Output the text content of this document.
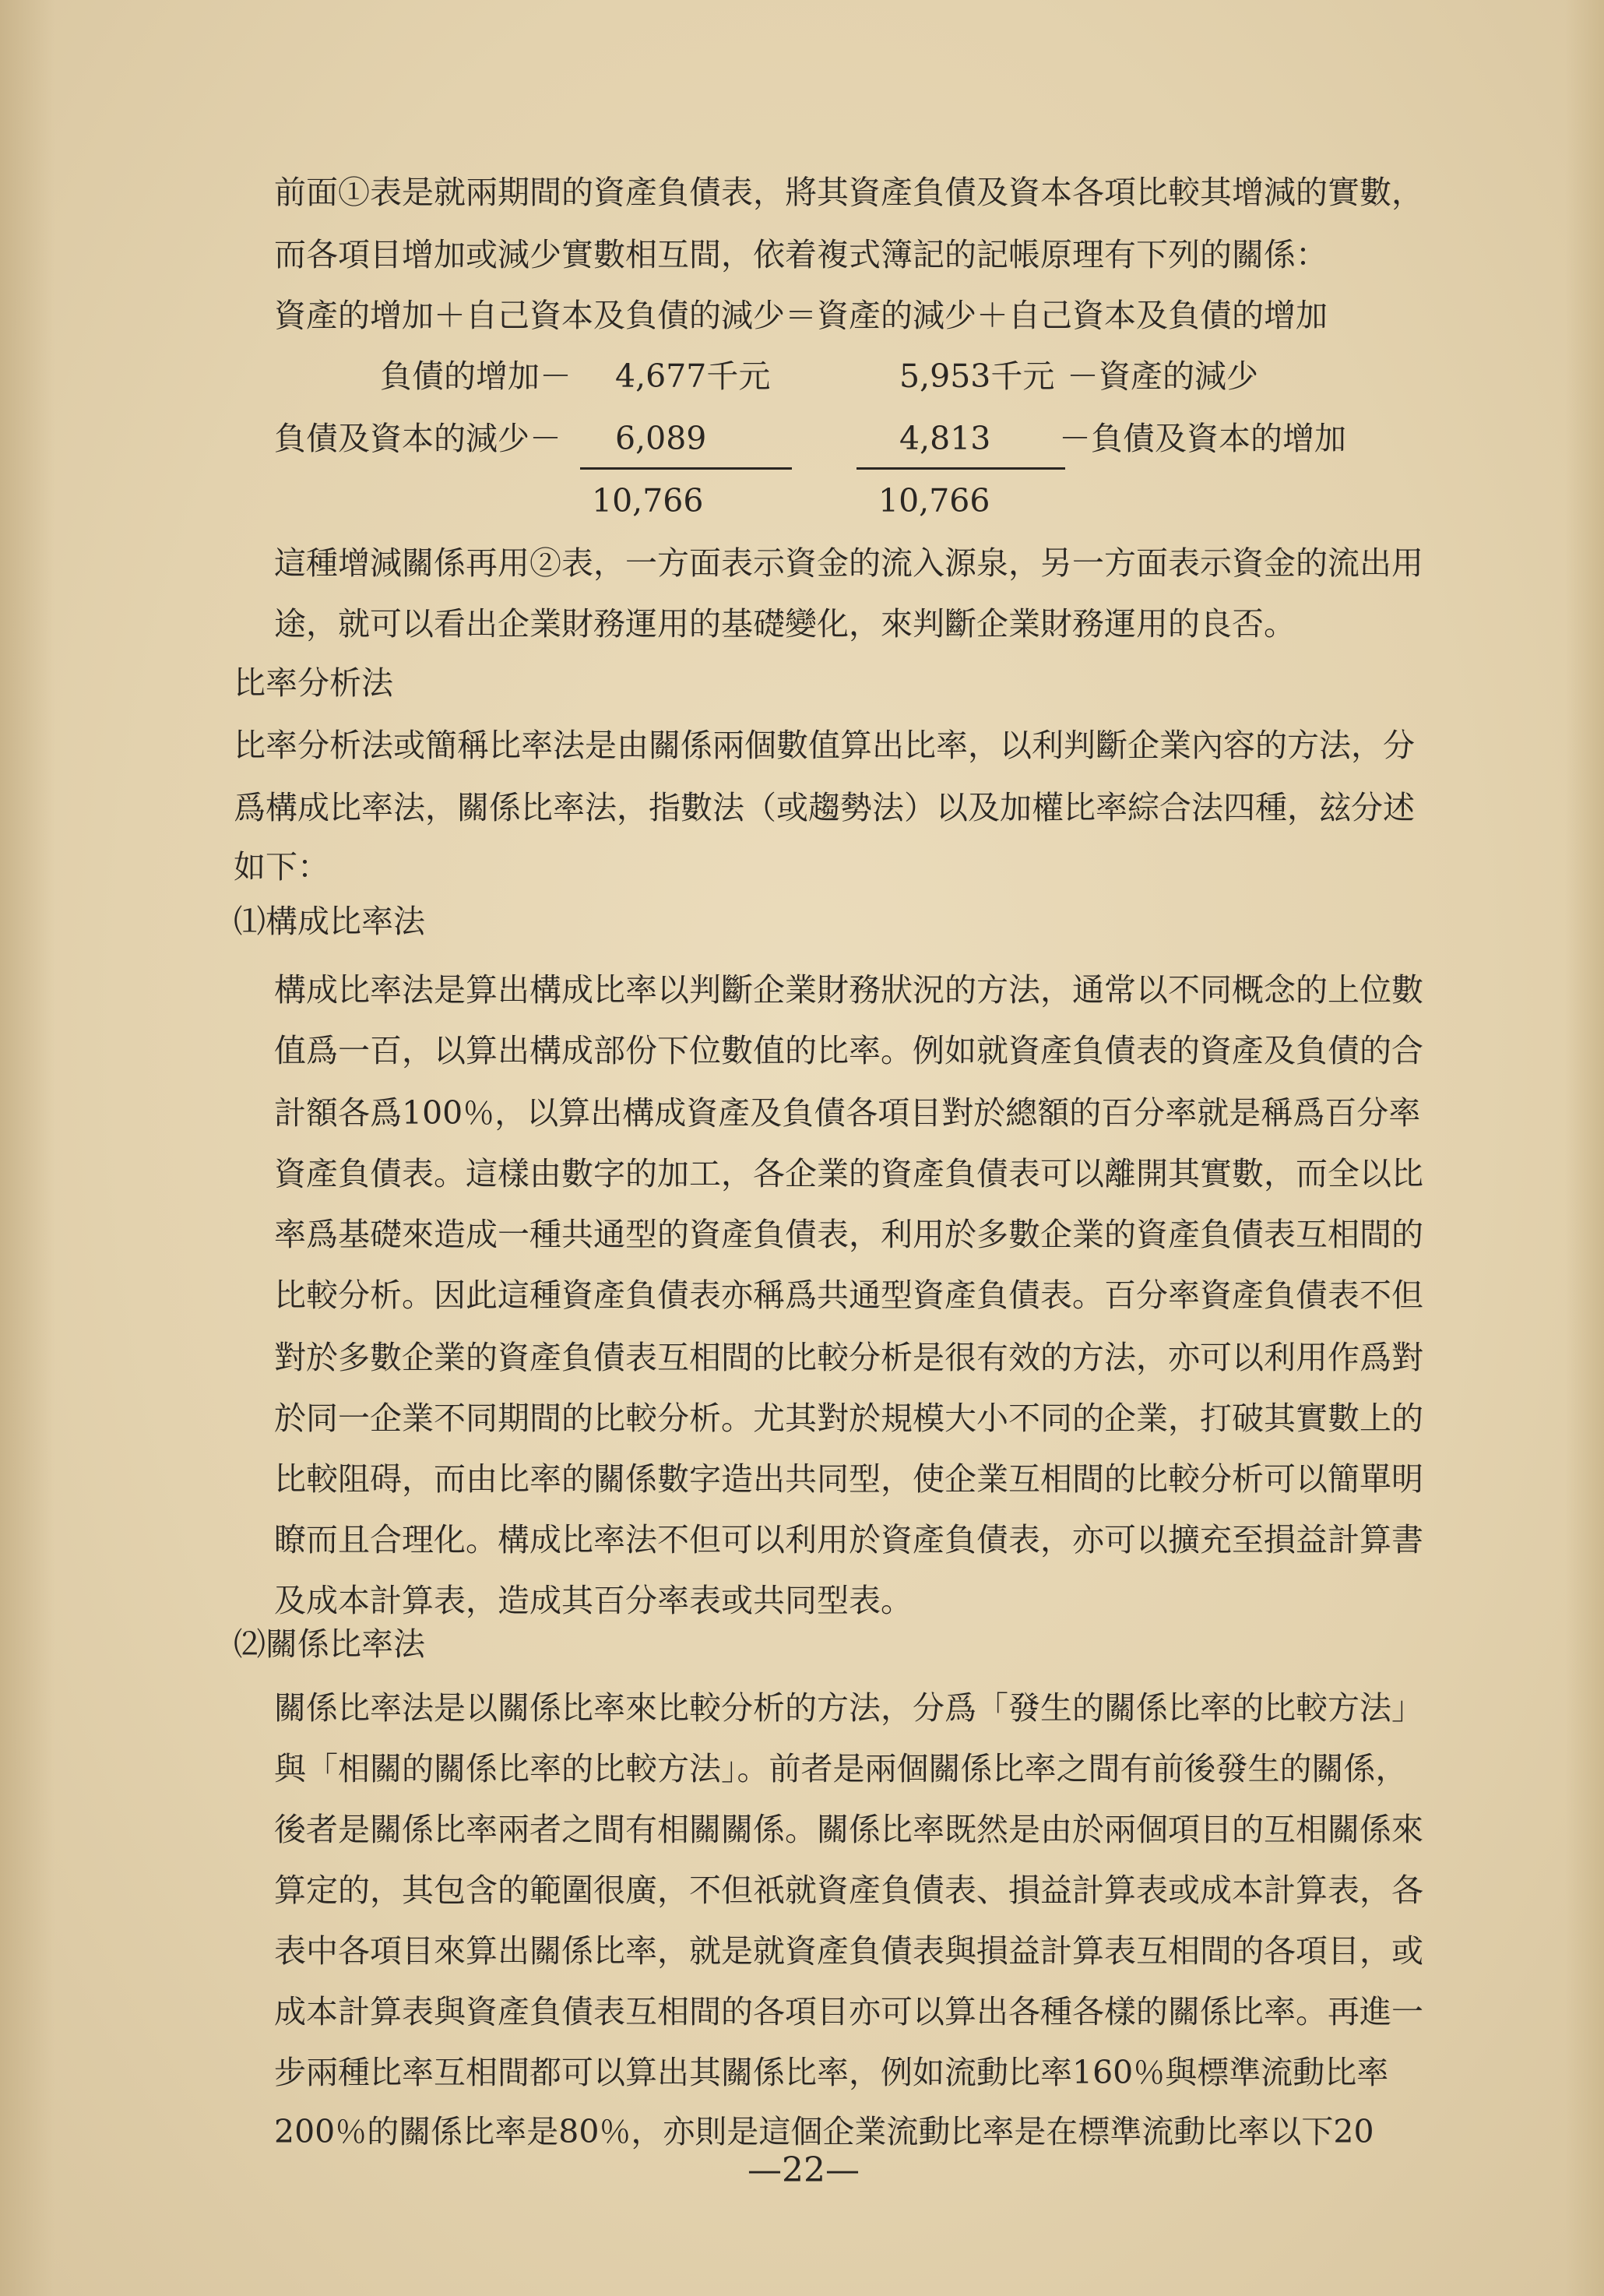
前面①表是就兩期間的資產負債表，將其資產負債及資本各項比較其增減的實數，
而各項目增加或減少實數相互間，依着複式簿記的記帳原理有下列的關係：
資產的增加＋自己資本及負債的減少＝資產的減少＋自己資本及負債的增加
負債的增加－ 4,677千元	5,953千元 －資產的減少
負債及資本的減少－ 6,089	4,813 －負債及資本的增加
10,766	10,766
這種增減關係再用②表，一方面表示資金的流入源泉，另一方面表示資金的流出用
途，就可以看出企業財務運用的基礎變化，來判斷企業財務運用的良否。
比率分析法
比率分析法或簡稱比率法是由關係兩個數值算出比率，以利判斷企業內容的方法，分
爲構成比率法，關係比率法，指數法（或趨勢法）以及加權比率綜合法四種，玆分述
如下：
⑴構成比率法
構成比率法是算出構成比率以判斷企業財務狀況的方法，通常以不同概念的上位數
值爲一百，以算出構成部份下位數值的比率。例如就資產負債表的資產及負債的合
計額各爲100％，以算出構成資產及負債各項目對於總額的百分率就是稱爲百分率
資產負債表。這樣由數字的加工，各企業的資產負債表可以離開其實數，而全以比
率爲基礎來造成一種共通型的資產負債表，利用於多數企業的資產負債表互相間的
比較分析。因此這種資產負債表亦稱爲共通型資產負債表。百分率資產負債表不但
對於多數企業的資產負債表互相間的比較分析是很有效的方法，亦可以利用作爲對
於同一企業不同期間的比較分析。尤其對於規模大小不同的企業，打破其實數上的
比較阻碍，而由比率的關係數字造出共同型，使企業互相間的比較分析可以簡單明
瞭而且合理化。構成比率法不但可以利用於資產負債表，亦可以擴充至損益計算書
及成本計算表，造成其百分率表或共同型表。
⑵關係比率法
關係比率法是以關係比率來比較分析的方法，分爲「發生的關係比率的比較方法」
與「相關的關係比率的比較方法」。前者是兩個關係比率之間有前後發生的關係，
後者是關係比率兩者之間有相關關係。關係比率既然是由於兩個項目的互相關係來
算定的，其包含的範圍很廣，不但祇就資產負債表、損益計算表或成本計算表，各
表中各項目來算出關係比率，就是就資產負債表與損益計算表互相間的各項目，或
成本計算表與資產負債表互相間的各項目亦可以算出各種各樣的關係比率。再進一
步兩種比率互相間都可以算出其關係比率，例如流動比率160％與標準流動比率
200％的關係比率是80％，亦則是這個企業流動比率是在標準流動比率以下20
—22—
